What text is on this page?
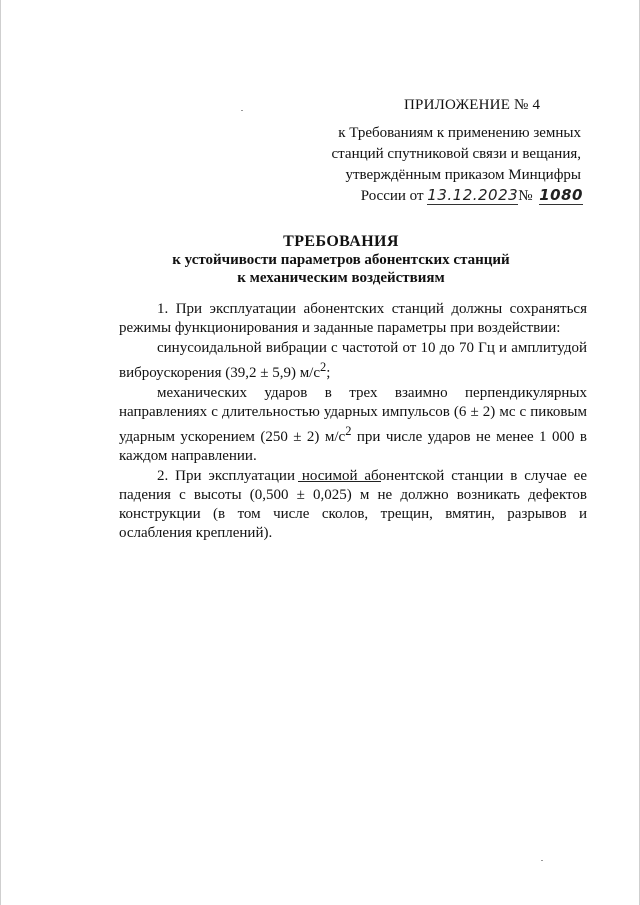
ПРИЛОЖЕНИЕ № 4
к Требованиям к применению земных
станций спутниковой связи и вещания,
утверждённым приказом Минцифры
России от 13.12.2023№ 1080
ТРЕБОВАНИЯ
к устойчивости параметров абонентских станций
к механическим воздействиям

1. При эксплуатации абонентских станций должны сохраняться режимы функционирования и заданные параметры при воздействии:

синусоидальной вибрации с частотой от 10 до 70 Гц и амплитудой виброускорения (39,2 ± 5,9) $м/с^2$;

механических ударов в трех взаимно перпендикулярных направлениях с длительностью ударных импульсов (6 ± 2) мс с пиковым ударным ускорением (250 ± 2) $м/с^2$ при числе ударов не менее 1 000 в каждом направлении.

2. При эксплуатации носимой абонентской станции в случае ее падения с высоты (0,500 ± 0,025) м не должно возникать дефектов конструкции (в том числе сколов, трещин, вмятин, разрывов и ослабления креплений).
